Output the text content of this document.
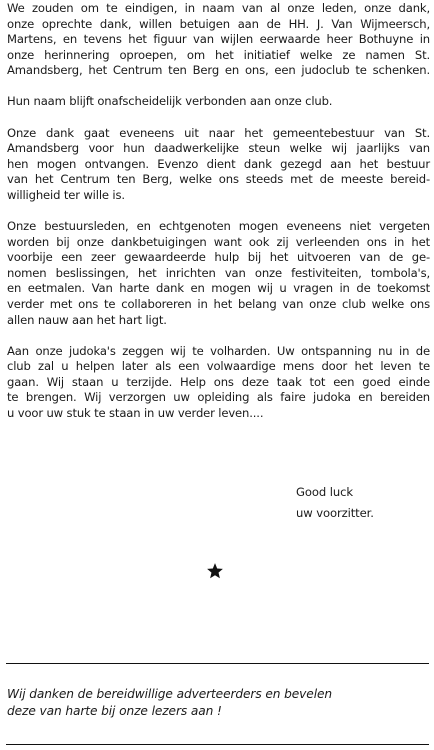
We zouden om te eindigen, in naam van al onze leden, onze dank,
onze oprechte dank, willen betuigen aan de HH. J. Van Wijmeersch,
Martens, en tevens het figuur van wijlen eerwaarde heer Bothuyne in
onze herinnering oproepen, om het initiatief welke ze namen St.
Amandsberg, het Centrum ten Berg en ons, een judoclub te schenken.

Hun naam blijft onafscheidelijk verbonden aan onze club.

Onze dank gaat eveneens uit naar het gemeentebestuur van St.
Amandsberg voor hun daadwerkelijke steun welke wij jaarlijks van
hen mogen ontvangen. Evenzo dient dank gezegd aan het bestuur
van het Centrum ten Berg, welke ons steeds met de meeste bereid-
willigheid ter wille is.

Onze bestuursleden, en echtgenoten mogen eveneens niet vergeten
worden bij onze dankbetuigingen want ook zij verleenden ons in het
voorbije een zeer gewaardeerde hulp bij het uitvoeren van de ge-
nomen beslissingen, het inrichten van onze festiviteiten, tombola's,
en eetmalen. Van harte dank en mogen wij u vragen in de toekomst
verder met ons te collaboreren in het belang van onze club welke ons
allen nauw aan het hart ligt.

Aan onze judoka's zeggen wij te volharden. Uw ontspanning nu in de
club zal u helpen later als een volwaardige mens door het leven te
gaan. Wij staan u terzijde. Help ons deze taak tot een goed einde
te brengen. Wij verzorgen uw opleiding als faire judoka en bereiden
u voor uw stuk te staan in uw verder leven....

Good luck
uw voorzitter.
Wij danken de bereidwillige adverteerders en bevelen
deze van harte bij onze lezers aan !
